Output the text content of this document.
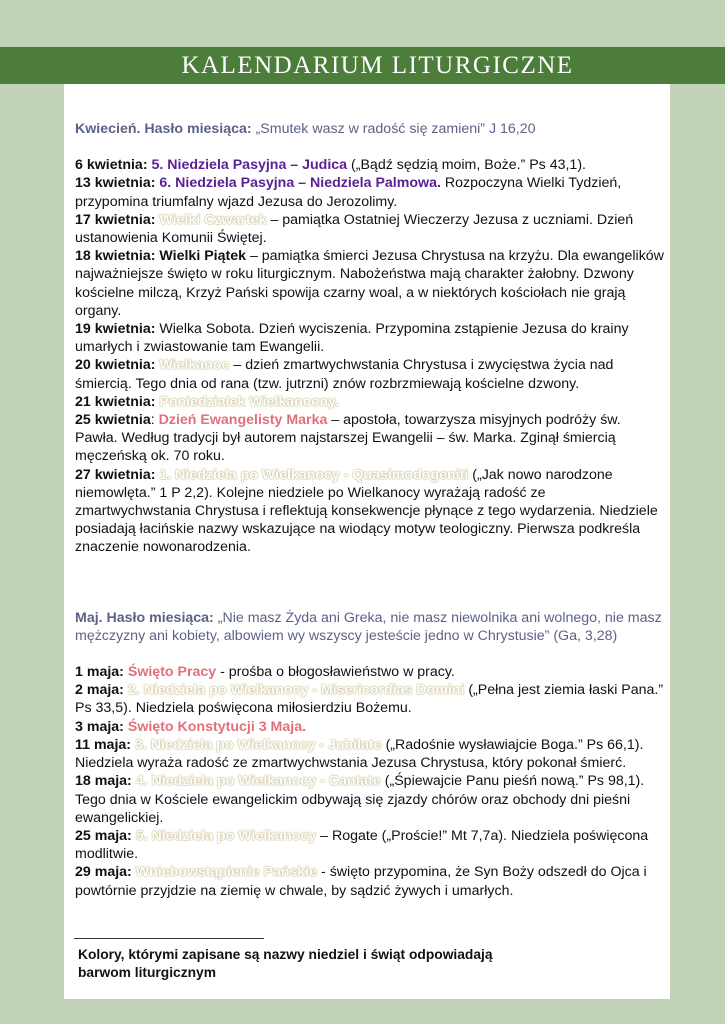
KALENDARIUM LITURGICZNE

Kwiecień. Hasło miesiąca: „Smutek wasz w radość się zamieni” J 16,20

6 kwietnia: 5. Niedziela Pasyjna – Judica („Bądź sędzią moim, Boże.” Ps 43,1).

13 kwietnia: 6. Niedziela Pasyjna – Niedziela Palmowa. Rozpoczyna Wielki Tydzień, przypomina triumfalny wjazd Jezusa do Jerozolimy.

17 kwietnia: Wielki Czwartek – pamiątka Ostatniej Wieczerzy Jezusa z uczniami. Dzień ustanowienia Komunii Świętej.

18 kwietnia: Wielki Piątek – pamiątka śmierci Jezusa Chrystusa na krzyżu. Dla ewangelików najważniejsze święto w roku liturgicznym. Nabożeństwa mają charakter żałobny. Dzwony kościelne milczą, Krzyż Pański spowija czarny woal, a w niektórych kościołach nie grają organy.

19 kwietnia: Wielka Sobota. Dzień wyciszenia. Przypomina zstąpienie Jezusa do krainy umarłych i zwiastowanie tam Ewangelii.

20 kwietnia: Wielkanoc – dzień zmartwychwstania Chrystusa i zwycięstwa życia nad śmiercią. Tego dnia od rana (tzw. jutrzni) znów rozbrzmiewają kościelne dzwony.

21 kwietnia: Poniedziałek Wielkanocny.

25 kwietnia: Dzień Ewangelisty Marka – apostoła, towarzysza misyjnych podróży św. Pawła. Według tradycji był autorem najstarszej Ewangelii – św. Marka. Zginął śmiercią męczeńską ok. 70 roku.

27 kwietnia: 1. Niedziela po Wielkanocy - Quasimodogeniti („Jak nowo narodzone niemowlęta.” 1 P 2,2). Kolejne niedziele po Wielkanocy wyrażają radość ze zmartwychwstania Chrystusa i reflektują konsekwencje płynące z tego wydarzenia. Niedziele posiadają łacińskie nazwy wskazujące na wiodący motyw teologiczny. Pierwsza podkreśla znaczenie nowonarodzenia.

Maj. Hasło miesiąca: „Nie masz Żyda ani Greka, nie masz niewolnika ani wolnego, nie masz mężczyzny ani kobiety, albowiem wy wszyscy jesteście jedno w Chrystusie” (Ga, 3,28)

1 maja: Święto Pracy - prośba o błogosławieństwo w pracy.

2 maja: 2. Niedziela po Wielkanocy - Misericordias Domini („Pełna jest ziemia łaski Pana.” Ps 33,5). Niedziela poświęcona miłosierdziu Bożemu.

3 maja: Święto Konstytucji 3 Maja.

11 maja: 3. Niedziela po Wielkanocy - Jubilate („Radośnie wysławiajcie Boga.” Ps 66,1). Niedziela wyraża radość ze zmartwychwstania Jezusa Chrystusa, który pokonał śmierć.

18 maja: 4. Niedziela po Wielkanocy - Cantate („Śpiewajcie Panu pieśń nową.” Ps 98,1). Tego dnia w Kościele ewangelickim odbywają się zjazdy chórów oraz obchody dni pieśni ewangelickiej.

25 maja: 5. Niedziela po Wielkanocy – Rogate („Proście!” Mt 7,7a). Niedziela poświęcona modlitwie.

29 maja: Wniebowstąpienie Pańskie - święto przypomina, że Syn Boży odszedł do Ojca i powtórnie przyjdzie na ziemię w chwale, by sądzić żywych i umarłych.

Kolory, którymi zapisane są nazwy niedziel i świąt odpowiadają barwom liturgicznym
